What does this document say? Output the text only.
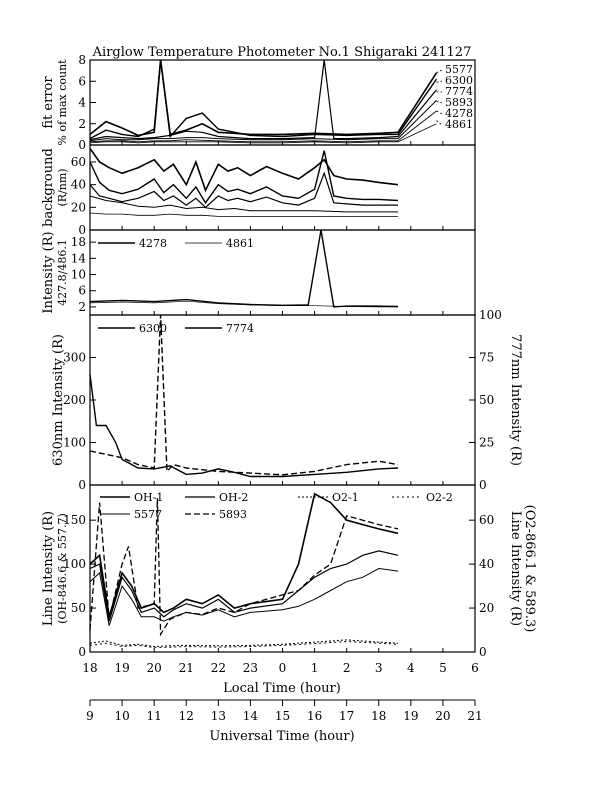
Airglow Temperature Photometer No.1 Shigaraki 241127
0
2
4
6
8
fit error % of max count	5577
6300
7774
5893
4278
4861
0
20
40
60
background (R/nm)
2
6
10
14
18
Intensity (R) 427.8/486.1	4278	4861
0
100
200
300
0
25
50
75
100
630nm Intensity (R)	777nm Intensity (R)
6300	7774
0
50
100
150
0
20
40
60
Line Intensity (R) (OH-846.6 & 557.7)	Line Intensity (R) (O2-866.1 & 589.3)
OH-1	OH-2	O2-1	O2-2
5577	5893
18 19 20 21 22 23 0 1 2 3 4 5 6
9 10 11 12 13 14 15 16 17 18 19 20 21
Local Time (hour)
Universal Time (hour)
